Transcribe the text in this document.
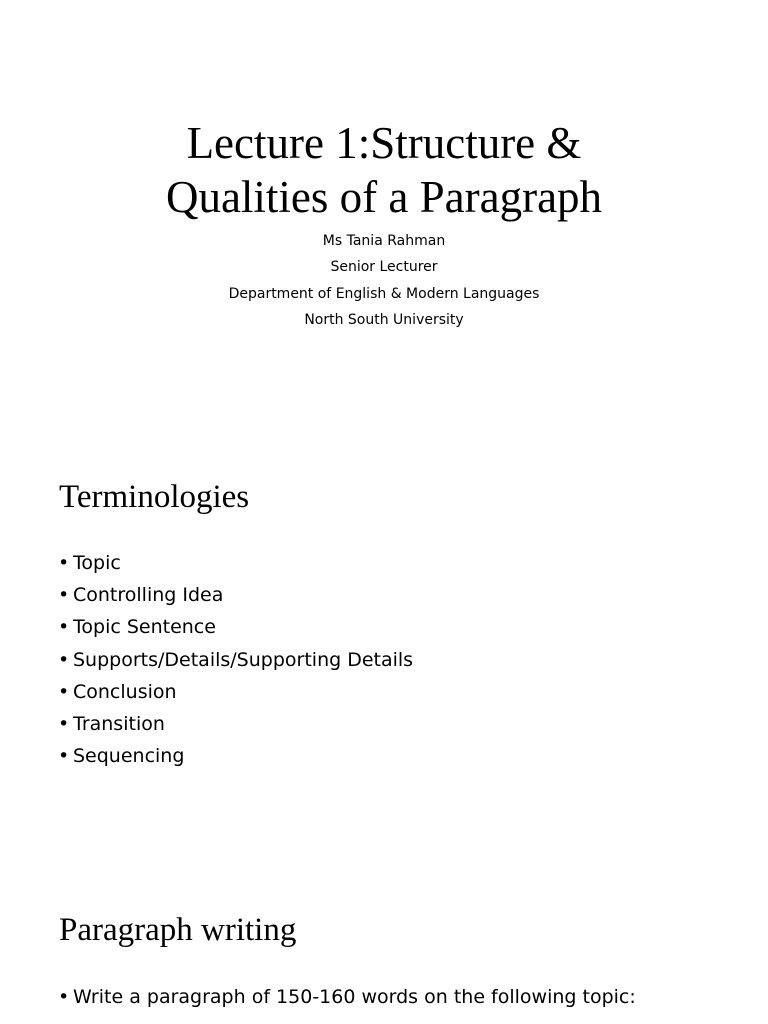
Lecture 1:Structure &
Qualities of a Paragraph
Ms Tania Rahman
Senior Lecturer
Department of English & Modern Languages
North South University
Terminologies
• Topic
• Controlling Idea
• Topic Sentence
• Supports/Details/Supporting Details
• Conclusion
• Transition
• Sequencing
Paragraph writing
• Write a paragraph of 150-160 words on the following topic:
